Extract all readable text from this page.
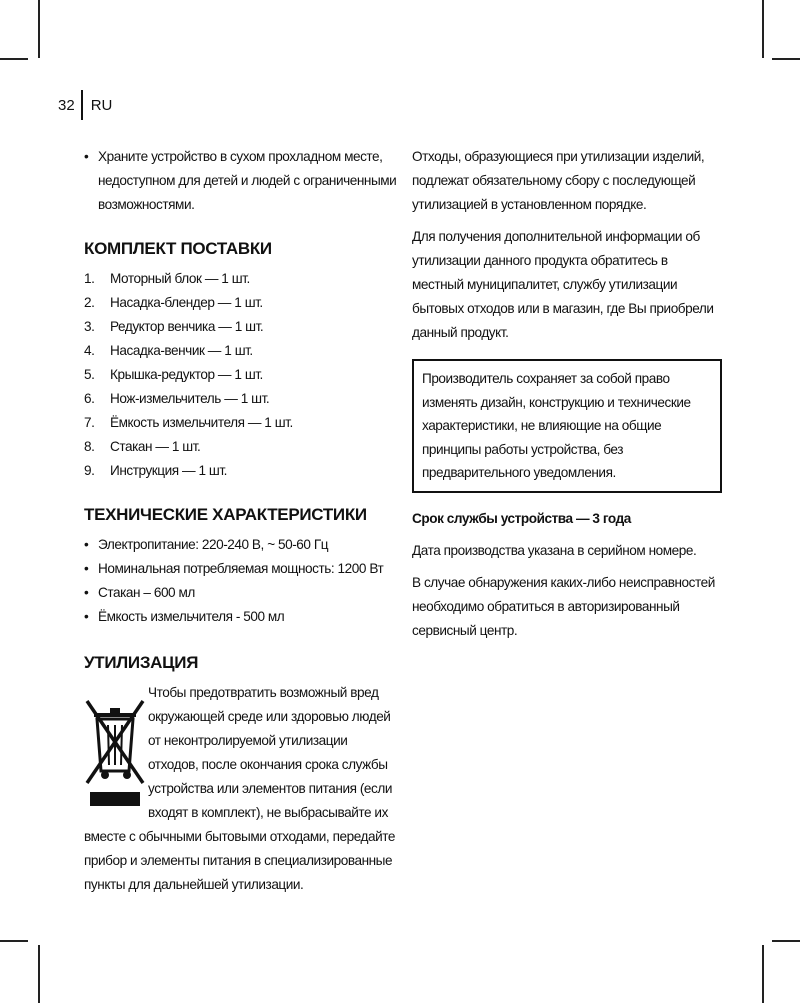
32	RU
• Храните устройство в сухом прохладном месте, недоступном для детей и людей с ограниченными возможностями.
КОМПЛЕКТ ПОСТАВКИ
1.	Моторный блок — 1 шт.
2.	Насадка-блендер — 1 шт.
3.	Редуктор венчика — 1 шт.
4.	Насадка-венчик — 1 шт.
5.	Крышка-редуктор — 1 шт.
6.	Нож-измельчитель — 1 шт.
7.	Ёмкость измельчителя — 1 шт.
8.	Стакан — 1 шт.
9.	Инструкция — 1 шт.
ТЕХНИЧЕСКИЕ ХАРАКТЕРИСТИКИ
• Электропитание: 220-240 В, ~ 50-60 Гц
• Номинальная потребляемая мощность: 1200 Вт
• Стакан – 600 мл
• Ёмкость измельчителя - 500 мл
УТИЛИЗАЦИЯ
Чтобы предотвратить возможный вред окружающей среде или здоровью людей от неконтролируемой утилизации отходов, после окончания срока службы устройства или элементов питания (если входят в комплект), не выбрасывайте их вместе с обычными бытовыми отходами, передайте прибор и элементы питания в специализированные пункты для дальнейшей утилизации.
Отходы, образующиеся при утилизации изделий, подлежат обязательному сбору с последующей утилизацией в установленном порядке.
Для получения дополнительной информации об утилизации данного продукта обратитесь в местный муниципалитет, службу утилизации бытовых отходов или в магазин, где Вы приобрели данный продукт.
Производитель сохраняет за собой право изменять дизайн, конструкцию и технические характеристики, не влияющие на общие принципы работы устройства, без предварительного уведомления.
Срок службы устройства — 3 года
Дата производства указана в серийном номере.
В случае обнаружения каких-либо неисправностей необходимо обратиться в авторизированный сервисный центр.
